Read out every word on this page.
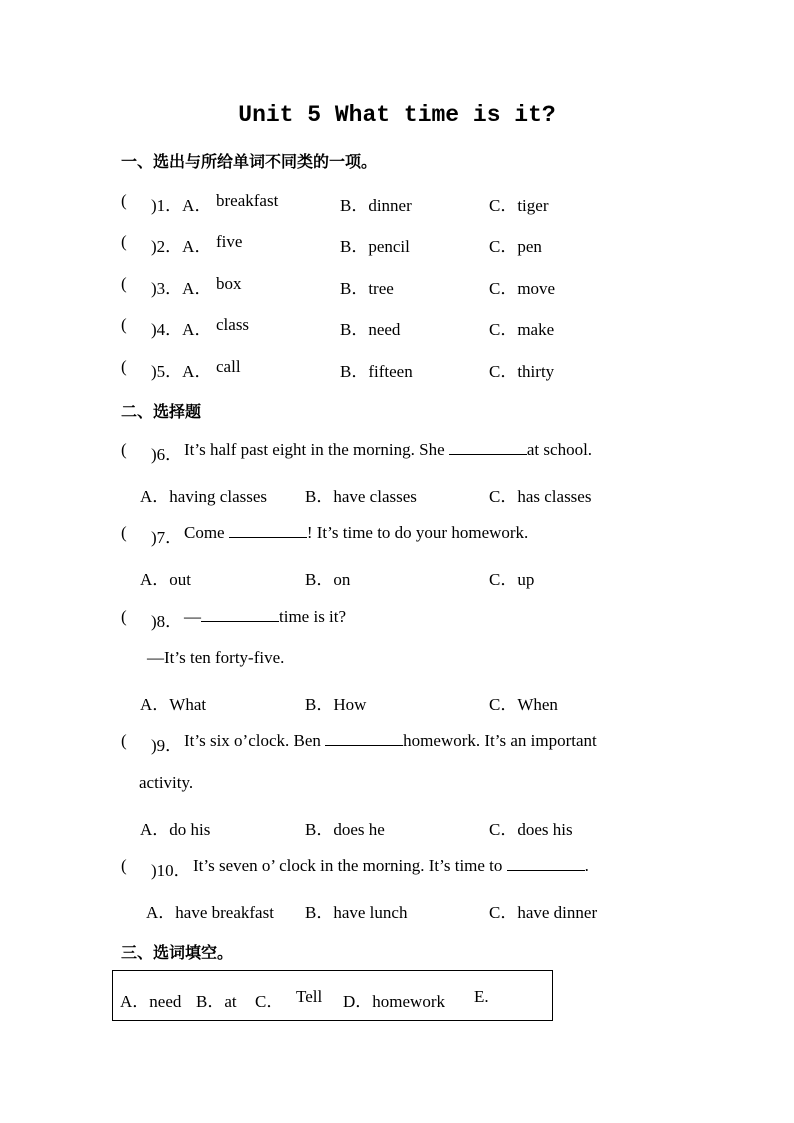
Unit 5 What time is it?
一、选出与所给单词不同类的一项。
( )1．A． breakfast	B．dinner	C．tiger
( )2．A． five	B．pencil	C．pen
( )3．A． box	B．tree	C．move
( )4．A． class	B．need	C．make
( )5．A． call	B．fifteen	C．thirty
二、选择题
( )6． It’s half past eight in the morning. She	at school.
A．having classes B．have classes	C．has classes
( )7． Come	! It’s time to do your homework.
A．out	B．on	C．up
( )8． —	time is it?
—It’s ten forty-five.
A．What	B．How	C．When
( )9． It’s six o’clock. Ben	homework. It’s an important
activity.
A．do his	B．does he	C．does his
( )10． It’s seven o’ clock in the morning. It’s time to	.
A．have breakfast B．have lunch	C．have dinner
三、选词填空。
A．need B．at C． Tell D．homework E.
